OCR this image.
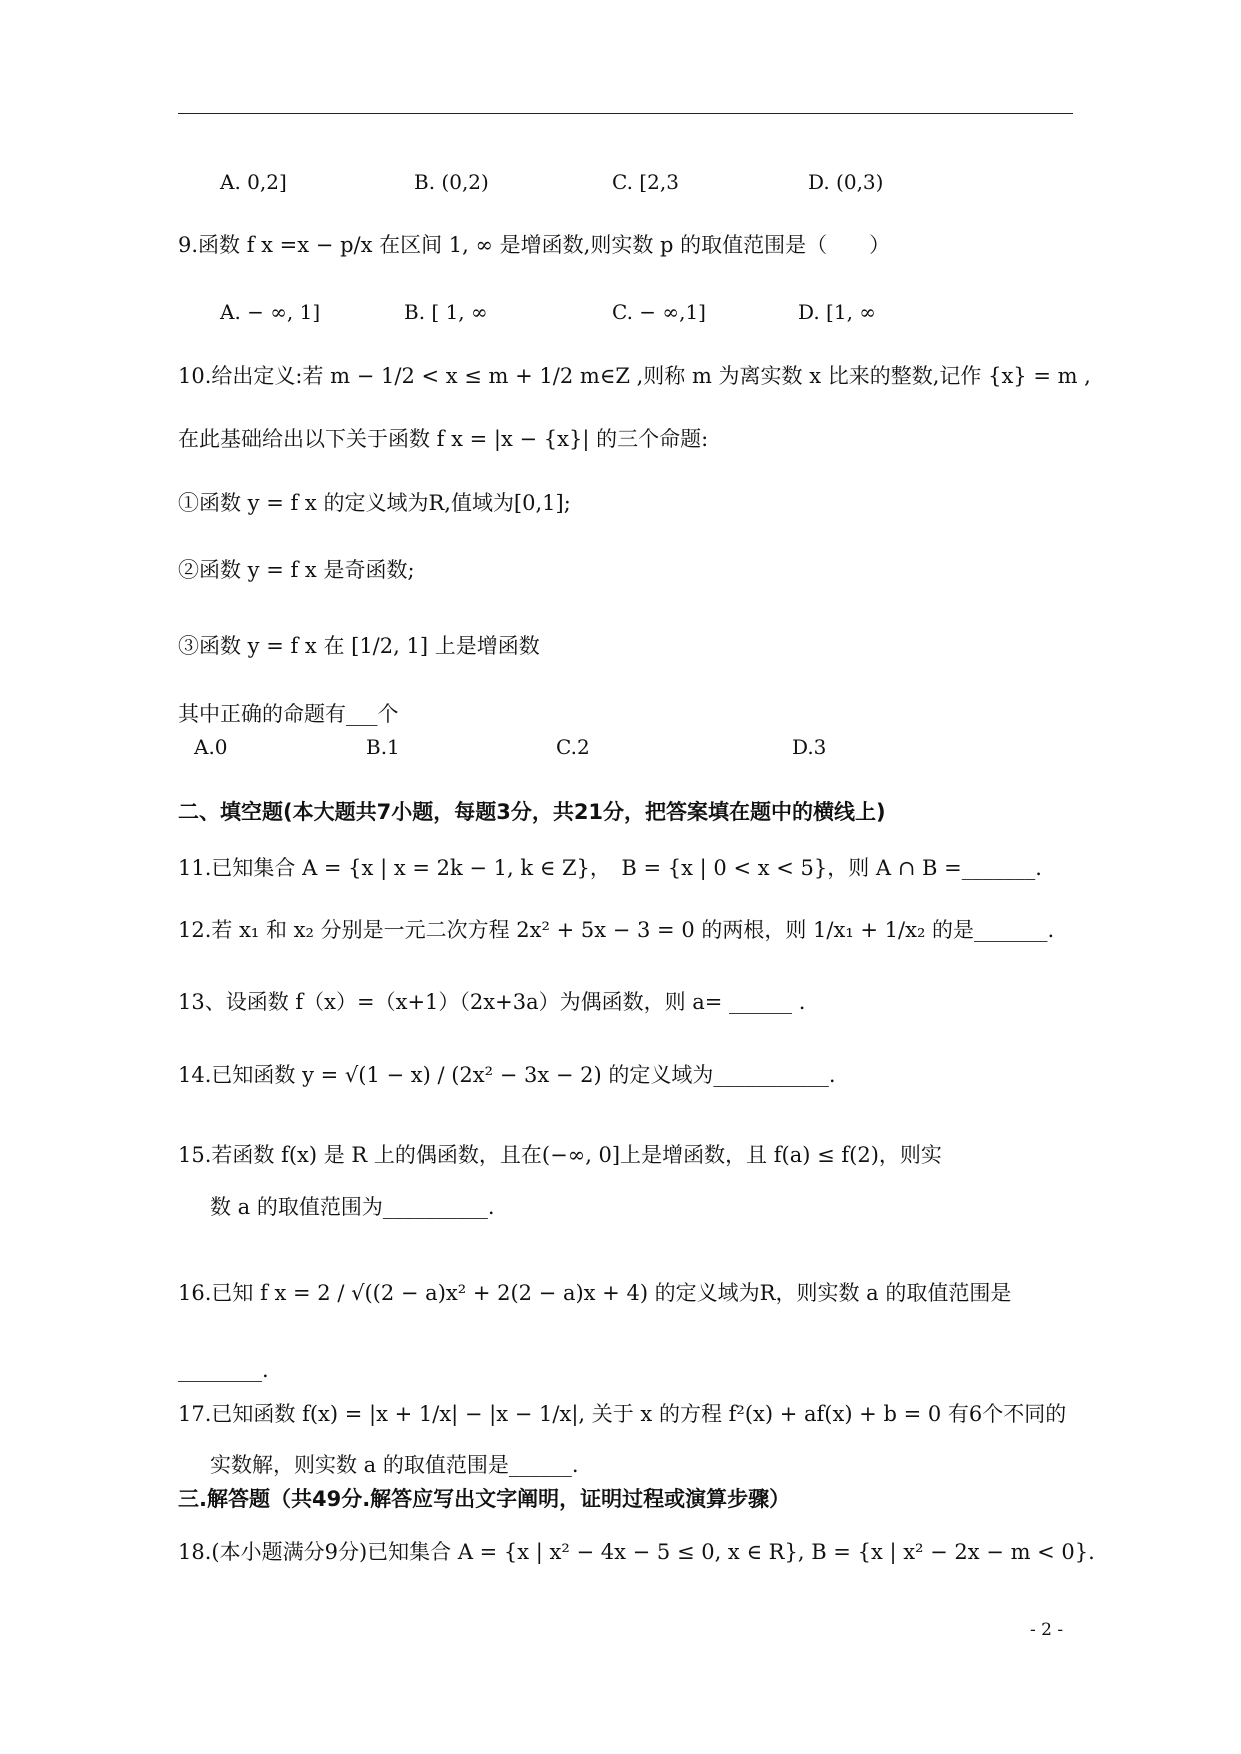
A. 0,2]	B. (0,2)	C. [2,3	D. (0,3)
9.函数 f x =x − p/x 在区间 1, ∞ 是增函数,则实数 p 的取值范围是（　　）
A. − ∞, 1]	B. [ 1, ∞	C. − ∞,1]	D. [1, ∞
10.给出定义:若 m − 1/2 < x ≤ m + 1/2 m∈Z ,则称 m 为离实数 x 比来的整数,记作 {x} = m ,
在此基础给出以下关于函数 f x = |x − {x}| 的三个命题:
①函数 y = f x 的定义域为R,值域为[0,1];
②函数 y = f x 是奇函数;
③函数 y = f x 在 [1/2, 1] 上是增函数
其中正确的命题有___个
A.0	B.1	C.2	D.3
二、填空题(本大题共7小题，每题3分，共21分，把答案填在题中的横线上)
11.已知集合 A = {x | x = 2k − 1, k ∈ Z}，　B = {x | 0 < x < 5}，则 A ∩ B =_______.
12.若 x₁ 和 x₂ 分别是一元二次方程 2x² + 5x − 3 = 0 的两根，则 1/x₁ + 1/x₂ 的是_______.
13、设函数 f（x）=（x+1）（2x+3a）为偶函数，则 a= ______ .
14.已知函数 y = √(1 − x) / (2x² − 3x − 2) 的定义域为___________.
15.若函数 f(x) 是 R 上的偶函数，且在(−∞, 0]上是增函数，且 f(a) ≤ f(2)，则实
数 a 的取值范围为__________.
16.已知 f x = 2 / √((2 − a)x² + 2(2 − a)x + 4) 的定义域为R，则实数 a 的取值范围是
________.
17.已知函数 f(x) = |x + 1/x| − |x − 1/x|, 关于 x 的方程 f²(x) + af(x) + b = 0 有6个不同的
实数解，则实数 a 的取值范围是______.
三.解答题（共49分.解答应写出文字阐明，证明过程或演算步骤）
18.(本小题满分9分)已知集合 A = {x | x² − 4x − 5 ≤ 0, x ∈ R}, B = {x | x² − 2x − m < 0}.
- 2 -
